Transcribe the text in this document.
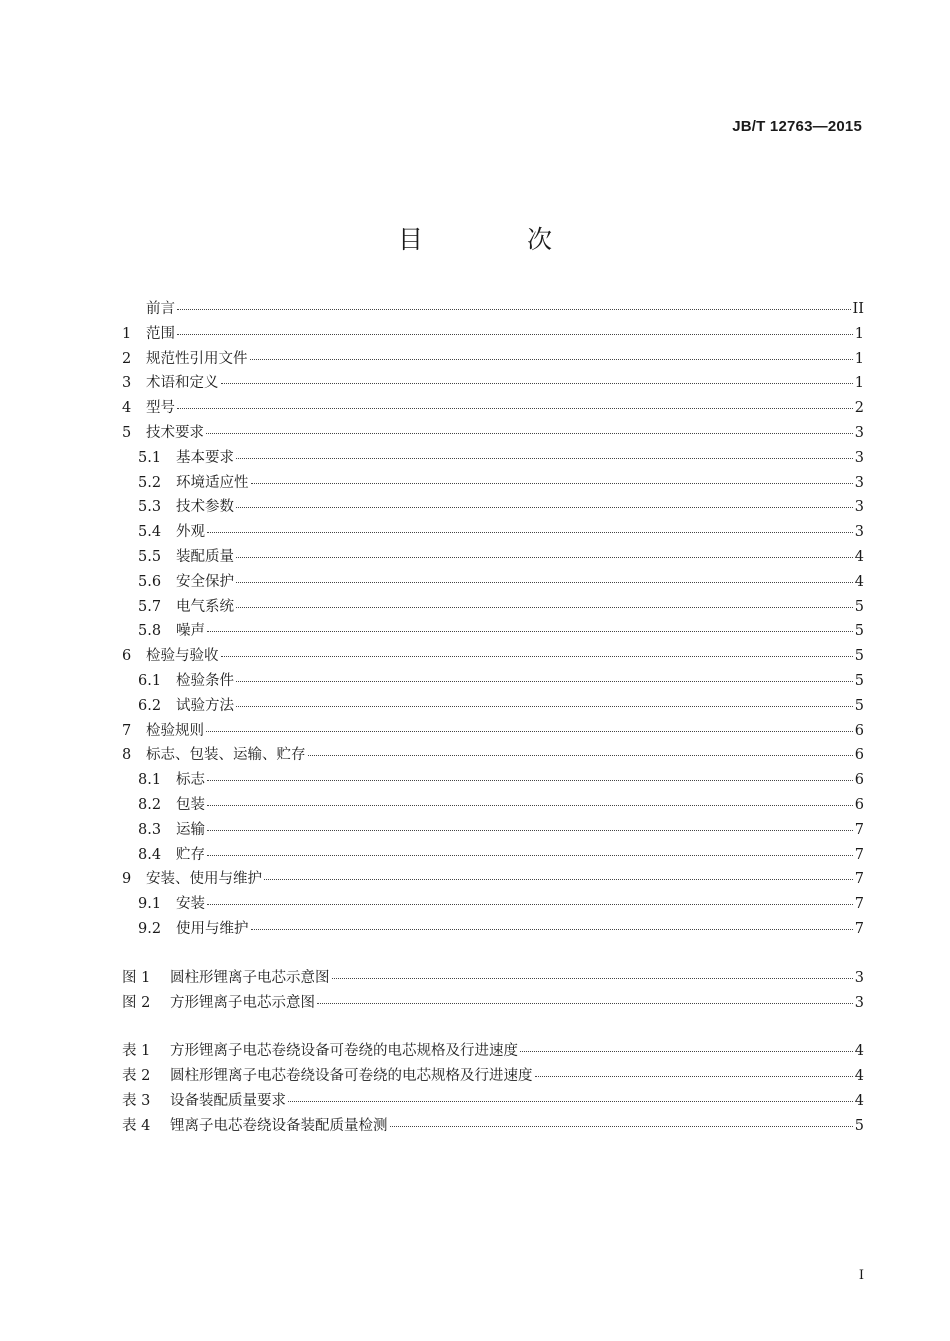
JB/T 12763—2015
目 次
前言	II
1	范围	1
2	规范性引用文件	1
3	术语和定义	1
4	型号	2
5	技术要求	3
5.1	基本要求	3
5.2	环境适应性	3
5.3	技术参数	3
5.4	外观	3
5.5	装配质量	4
5.6	安全保护	4
5.7	电气系统	5
5.8	噪声	5
6	检验与验收	5
6.1	检验条件	5
6.2	试验方法	5
7	检验规则	6
8	标志、包装、运输、贮存	6
8.1	标志	6
8.2	包装	6
8.3	运输	7
8.4	贮存	7
9	安装、使用与维护	7
9.1	安装	7
9.2	使用与维护	7
图 1	圆柱形锂离子电芯示意图	3
图 2	方形锂离子电芯示意图	3
表 1	方形锂离子电芯卷绕设备可卷绕的电芯规格及行进速度	4
表 2	圆柱形锂离子电芯卷绕设备可卷绕的电芯规格及行进速度	4
表 3	设备装配质量要求	4
表 4	锂离子电芯卷绕设备装配质量检测	5
I
